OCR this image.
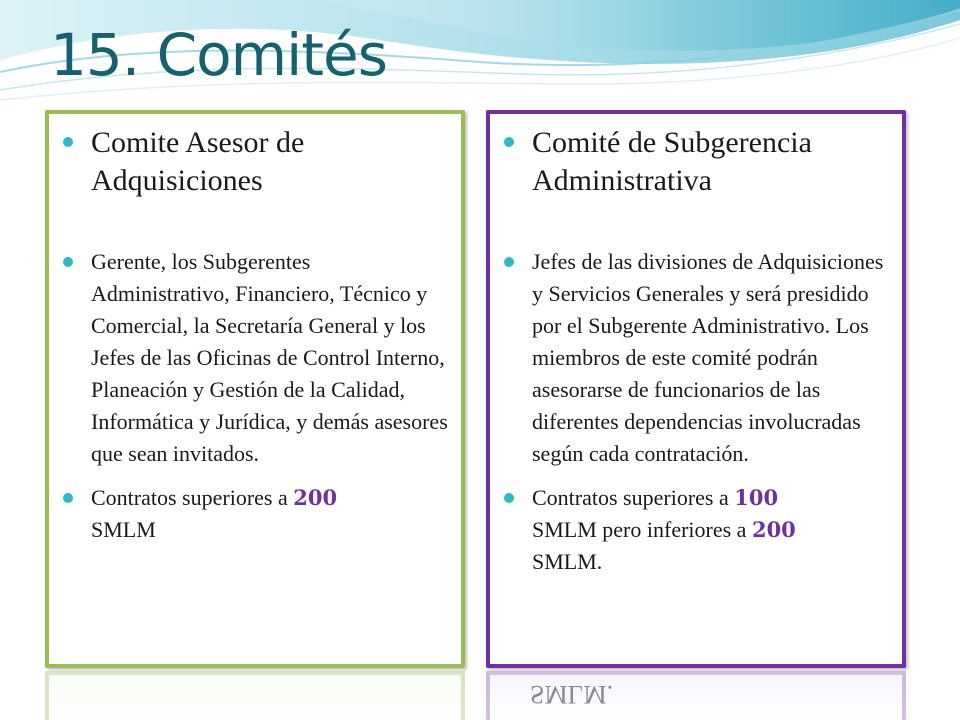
15. Comités
Comite Asesor de Adquisiciones
Gerente, los Subgerentes Administrativo, Financiero, Técnico y Comercial, la Secretaría General y los Jefes de las Oficinas de Control Interno, Planeación y Gestión de la Calidad, Informática y Jurídica, y demás asesores que sean invitados.
Contratos superiores a 200
SMLM
Comité de Subgerencia Administrativa
Jefes de las divisiones de Adquisiciones y Servicios Generales y será presidido por el Subgerente Administrativo. Los miembros de este comité podrán asesorarse de funcionarios de las diferentes dependencias involucradas según cada contratación.
Contratos superiores a 100
SMLM pero inferiores a 200
SMLM.
SMLM.
